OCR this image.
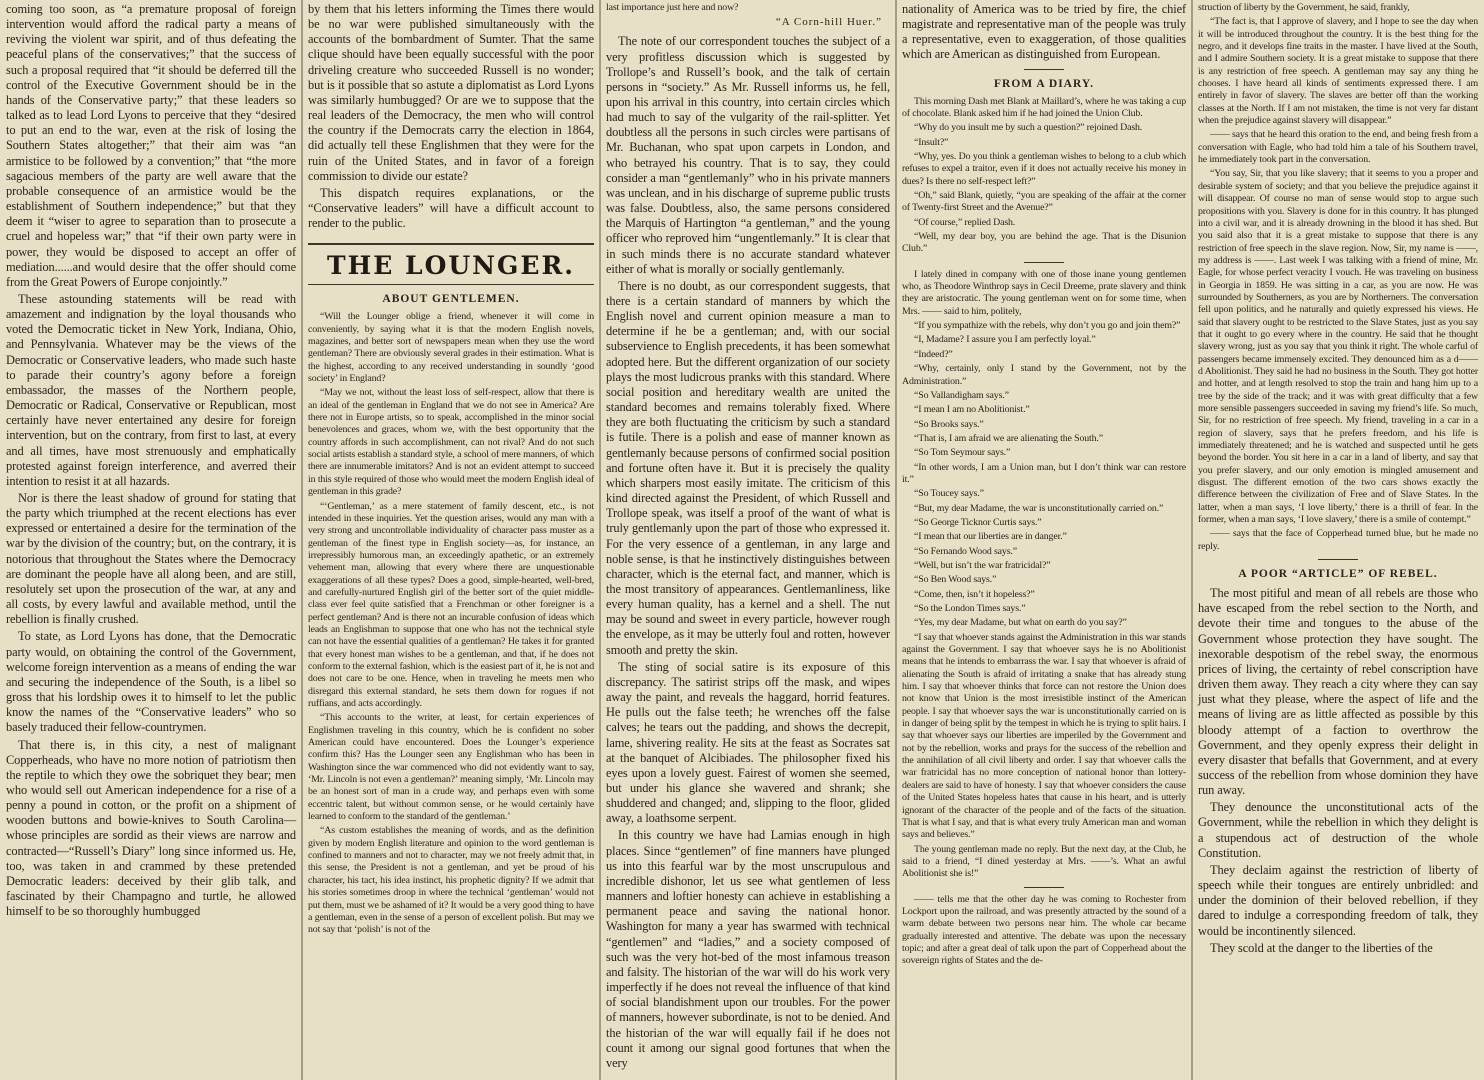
coming too soon, as “a premature proposal of foreign intervention would afford the radical party a means of reviving the violent war spirit, and of thus defeating the peaceful plans of the conservatives;” that the success of such a proposal required that “it should be deferred till the control of the Executive Government should be in the hands of the Conservative party;” that these leaders so talked as to lead Lord Lyons to perceive that they “desired to put an end to the war, even at the risk of losing the Southern States altogether;” that their aim was “an armistice to be followed by a convention;” that “the more sagacious members of the party are well aware that the probable consequence of an armistice would be the establishment of Southern independence;” but that they deem it “wiser to agree to separation than to prosecute a cruel and hopeless war;” that “if their own party were in power, they would be disposed to accept an offer of mediation......and would desire that the offer should come from the Great Powers of Europe conjointly.”

These astounding statements will be read with amazement and indignation by the loyal thousands who voted the Democratic ticket in New York, Indiana, Ohio, and Pennsylvania. Whatever may be the views of the Democratic or Conservative leaders, who made such haste to parade their country’s agony before a foreign embassador, the masses of the Northern people, Democratic or Radical, Conservative or Republican, most certainly have never entertained any desire for foreign intervention, but on the contrary, from first to last, at every and all times, have most strenuously and emphatically protested against foreign interference, and averred their intention to resist it at all hazards.

Nor is there the least shadow of ground for stating that the party which triumphed at the recent elections has ever expressed or entertained a desire for the termination of the war by the division of the country; but, on the contrary, it is notorious that throughout the States where the Democracy are dominant the people have all along been, and are still, resolutely set upon the prosecution of the war, at any and all costs, by every lawful and available method, until the rebellion is finally crushed.

To state, as Lord Lyons has done, that the Democratic party would, on obtaining the control of the Government, welcome foreign intervention as a means of ending the war and securing the independence of the South, is a libel so gross that his lordship owes it to himself to let the public know the names of the “Conservative leaders” who so basely traduced their fellow-countrymen.

That there is, in this city, a nest of malignant Copperheads, who have no more notion of patriotism then the reptile to which they owe the sobriquet they bear; men who would sell out American independence for a rise of a penny a pound in cotton, or the profit on a shipment of wooden buttons and bowie-knives to South Carolina—whose principles are sordid as their views are narrow and contracted—“Russell’s Diary” long since informed us. He, too, was taken in and crammed by these pretended Democratic leaders: deceived by their glib talk, and fascinated by their Champagno and turtle, he allowed himself to be so thoroughly humbugged

by them that his letters informing the Times there would be no war were published simultaneously with the accounts of the bombardment of Sumter. That the same clique should have been equally successful with the poor driveling creature who succeeded Russell is no wonder; but is it possible that so astute a diplomatist as Lord Lyons was similarly humbugged? Or are we to suppose that the real leaders of the Democracy, the men who will control the country if the Democrats carry the election in 1864, did actually tell these Englishmen that they were for the ruin of the United States, and in favor of a foreign commission to divide our estate?

This dispatch requires explanations, or the “Conservative leaders” will have a difficult account to render to the public.

THE LOUNGER.
ABOUT GENTLEMEN.

“Will the Lounger oblige a friend, whenever it will come in conveniently, by saying what it is that the modern English novels, magazines, and better sort of newspapers mean when they use the word gentleman? There are obviously several grades in their estimation. What is the highest, according to any received understanding in soundly ‘good society’ in England?

“May we not, without the least loss of self-respect, allow that there is an ideal of the gentleman in England that we do not see in America? Are there not in Europe artists, so to speak, accomplished in the minor social benevolences and graces, whom we, with the best opportunity that the country affords in such accomplishment, can not rival? And do not such social artists establish a standard style, a school of mere manners, of which there are innumerable imitators? And is not an evident attempt to succeed in this style required of those who would meet the modern English ideal of gentleman in this grade?

“‘Gentleman,’ as a mere statement of family descent, etc., is not intended in these inquiries. Yet the question arises, would any man with a very strong and uncontrollable individuality of character pass muster as a gentleman of the finest type in English society—as, for instance, an irrepressibly humorous man, an exceedingly apathetic, or an extremely vehement man, allowing that every where there are unquestionable exaggerations of all these types? Does a good, simple-hearted, well-bred, and carefully-nurtured English girl of the better sort of the quiet middle-class ever feel quite satisfied that a Frenchman or other foreigner is a perfect gentleman? And is there not an incurable confusion of ideas which leads an Englishman to suppose that one who has not the technical style can not have the essential qualities of a gentleman? He takes it for granted that every honest man wishes to be a gentleman, and that, if he does not conform to the external fashion, which is the easiest part of it, he is not and does not care to be one. Hence, when in traveling he meets men who disregard this external standard, he sets them down for rogues if not ruffians, and acts accordingly.

“This accounts to the writer, at least, for certain experiences of Englishmen traveling in this country, which he is confident no sober American could have encountered. Does the Lounger’s experience confirm this? Has the Lounger seen any Englishman who has been in Washington since the war commenced who did not evidently want to say, ‘Mr. Lincoln is not even a gentleman?’ meaning simply, ‘Mr. Lincoln may be an honest sort of man in a crude way, and perhaps even with some eccentric talent, but without common sense, or he would certainly have learned to conform to the standard of the gentleman.’

“As custom establishes the meaning of words, and as the definition given by modern English literature and opinion to the word gentleman is confined to manners and not to character, may we not freely admit that, in this sense, the President is not a gentleman, and yet be proud of his character, his tact, his idea instinct, his prophetic dignity? If we admit that his stories sometimes droop in where the technical ‘gentleman’ would not put them, must we be ashamed of it? It would be a very good thing to have a gentleman, even in the sense of a person of excellent polish. But may we not say that ‘polish’ is not of the

last importance just here and now?

“A Corn-hill Huer.”

The note of our correspondent touches the subject of a very profitless discussion which is suggested by Trollope’s and Russell’s book, and the talk of certain persons in “society.” As Mr. Russell informs us, he fell, upon his arrival in this country, into certain circles which had much to say of the vulgarity of the rail-splitter. Yet doubtless all the persons in such circles were partisans of Mr. Buchanan, who spat upon carpets in London, and who betrayed his country. That is to say, they could consider a man “gentlemanly” who in his private manners was unclean, and in his discharge of supreme public trusts was false. Doubtless, also, the same persons considered the Marquis of Hartington “a gentleman,” and the young officer who reproved him “ungentlemanly.” It is clear that in such minds there is no accurate standard whatever either of what is morally or socially gentlemanly.

There is no doubt, as our correspondent suggests, that there is a certain standard of manners by which the English novel and current opinion measure a man to determine if he be a gentleman; and, with our social subservience to English precedents, it has been somewhat adopted here. But the different organization of our society plays the most ludicrous pranks with this standard. Where social position and hereditary wealth are united the standard becomes and remains tolerably fixed. Where they are both fluctuating the criticism by such a standard is futile. There is a polish and ease of manner known as gentlemanly because persons of confirmed social position and fortune often have it. But it is precisely the quality which sharpers most easily imitate. The criticism of this kind directed against the President, of which Russell and Trollope speak, was itself a proof of the want of what is truly gentlemanly upon the part of those who expressed it. For the very essence of a gentleman, in any large and noble sense, is that he instinctively distinguishes between character, which is the eternal fact, and manner, which is the most transitory of appearances. Gentlemanliness, like every human quality, has a kernel and a shell. The nut may be sound and sweet in every particle, however rough the envelope, as it may be utterly foul and rotten, however smooth and pretty the skin.

The sting of social satire is its exposure of this discrepancy. The satirist strips off the mask, and wipes away the paint, and reveals the haggard, horrid features. He pulls out the false teeth; he wrenches off the false calves; he tears out the padding, and shows the decrepit, lame, shivering reality. He sits at the feast as Socrates sat at the banquet of Alcibiades. The philosopher fixed his eyes upon a lovely guest. Fairest of women she seemed, but under his glance she wavered and shrank; she shuddered and changed; and, slipping to the floor, glided away, a loathsome serpent.

In this country we have had Lamias enough in high places. Since “gentlemen” of fine manners have plunged us into this fearful war by the most unscrupulous and incredible dishonor, let us see what gentlemen of less manners and loftier honesty can achieve in establishing a permanent peace and saving the national honor. Washington for many a year has swarmed with technical “gentlemen” and “ladies,” and a society composed of such was the very hot-bed of the most infamous treason and falsity. The historian of the war will do his work very imperfectly if he does not reveal the influence of that kind of social blandishment upon our troubles. For the power of manners, however subordinate, is not to be denied. And the historian of the war will equally fail if he does not count it among our signal good fortunes that when the very

nationality of America was to be tried by fire, the chief magistrate and representative man of the people was truly a representative, even to exaggeration, of those qualities which are American as distinguished from European.

FROM A DIARY.

This morning Dash met Blank at Maillard’s, where he was taking a cup of chocolate. Blank asked him if he had joined the Union Club.

“Why do you insult me by such a question?” rejoined Dash.

“Insult?”

“Why, yes. Do you think a gentleman wishes to belong to a club which refuses to expel a traitor, even if it does not actually receive his money in dues? Is there no self-respect left?”

“Oh,” said Blank, quietly, “you are speaking of the affair at the corner of Twenty-first Street and the Avenue?”

“Of course,” replied Dash.

“Well, my dear boy, you are behind the age. That is the Disunion Club.”

I lately dined in company with one of those inane young gentlemen who, as Theodore Winthrop says in Cecil Dreeme, prate slavery and think they are aristocratic. The young gentleman went on for some time, when Mrs. —— said to him, politely,

“If you sympathize with the rebels, why don’t you go and join them?”

“I, Madame? I assure you I am perfectly loyal.”

“Indeed?”

“Why, certainly, only I stand by the Government, not by the Administration.”

“So Vallandigham says.”

“I mean I am no Abolitionist.”

“So Brooks says.”

“That is, I am afraid we are alienating the South.”

“So Tom Seymour says.”

“In other words, I am a Union man, but I don’t think war can restore it.”

“So Toucey says.”

“But, my dear Madame, the war is unconstitutionally carried on.”

“So George Ticknor Curtis says.”

“I mean that our liberties are in danger.”

“So Fernando Wood says.”

“Well, but isn’t the war fratricidal?”

“So Ben Wood says.”

“Come, then, isn’t it hopeless?”

“So the London Times says.”

“Yes, my dear Madame, but what on earth do you say?”

“I say that whoever stands against the Administration in this war stands against the Government. I say that whoever says he is no Abolitionist means that he intends to embarrass the war. I say that whoever is afraid of alienating the South is afraid of irritating a snake that has already stung him. I say that whoever thinks that force can not restore the Union does not know that Union is the most irresistible instinct of the American people. I say that whoever says the war is unconstitutionally carried on is in danger of being split by the tempest in which he is trying to split hairs. I say that whoever says our liberties are imperiled by the Government and not by the rebellion, works and prays for the success of the rebellion and the annihilation of all civil liberty and order. I say that whoever calls the war fratricidal has no more conception of national honor than lottery-dealers are said to have of honesty. I say that whoever considers the cause of the United States hopeless hates that cause in his heart, and is utterly ignorant of the character of the people and of the facts of the situation. That is what I say, and that is what every truly American man and woman says and believes.”

The young gentleman made no reply. But the next day, at the Club, he said to a friend, “I dined yesterday at Mrs. ——’s. What an awful Abolitionist she is!”

—— tells me that the other day he was coming to Rochester from Lockport upon the railroad, and was presently attracted by the sound of a warm debate between two persons near him. The whole car became gradually interested and attentive. The debate was upon the necessary topic; and after a great deal of talk upon the part of Copperhead about the sovereign rights of States and the de-

struction of liberty by the Government, he said, frankly,

“The fact is, that I approve of slavery, and I hope to see the day when it will be introduced throughout the country. It is the best thing for the negro, and it develops fine traits in the master. I have lived at the South, and I admire Southern society. It is a great mistake to suppose that there is any restriction of free speech. A gentleman may say any thing he chooses. I have heard all kinds of sentiments expressed there. I am entirely in favor of slavery. The slaves are better off than the working classes at the North. If I am not mistaken, the time is not very far distant when the prejudice against slavery will disappear.”

—— says that he heard this oration to the end, and being fresh from a conversation with Eagle, who had told him a tale of his Southern travel, he immediately took part in the conversation.

“You say, Sir, that you like slavery; that it seems to you a proper and desirable system of society; and that you believe the prejudice against it will disappear. Of course no man of sense would stop to argue such propositions with you. Slavery is done for in this country. It has plunged into a civil war, and it is already drowning in the blood it has shed. But you said also that it is a great mistake to suppose that there is any restriction of free speech in the slave region. Now, Sir, my name is ——, my address is ——. Last week I was talking with a friend of mine, Mr. Eagle, for whose perfect veracity I vouch. He was traveling on business in Georgia in 1859. He was sitting in a car, as you are now. He was surrounded by Southerners, as you are by Northerners. The conversation fell upon politics, and he naturally and quietly expressed his views. He said that slavery ought to be restricted to the Slave States, just as you say that it ought to go every where in the country. He said that he thought slavery wrong, just as you say that you think it right. The whole carful of passengers became immensely excited. They denounced him as a d——d Abolitionist. They said he had no business in the South. They got hotter and hotter, and at length resolved to stop the train and hang him up to a tree by the side of the track; and it was with great difficulty that a few more sensible passengers succeeded in saving my friend’s life. So much, Sir, for no restriction of free speech. My friend, traveling in a car in a region of slavery, says that he prefers freedom, and his life is immediately threatened; and he is watched and suspected until he gets beyond the border. You sit here in a car in a land of liberty, and say that you prefer slavery, and our only emotion is mingled amusement and disgust. The different emotion of the two cars shows exactly the difference between the civilization of Free and of Slave States. In the latter, when a man says, ‘I love liberty,’ there is a thrill of fear. In the former, when a man says, ‘I love slavery,’ there is a smile of contempt.”

—— says that the face of Copperhead turned blue, but he made no reply.

A POOR “ARTICLE” OF REBEL.

The most pitiful and mean of all rebels are those who have escaped from the rebel section to the North, and devote their time and tongues to the abuse of the Government whose protection they have sought. The inexorable despotism of the rebel sway, the enormous prices of living, the certainty of rebel conscription have driven them away. They reach a city where they can say just what they please, where the aspect of life and the means of living are as little affected as possible by this bloody attempt of a faction to overthrow the Government, and they openly express their delight in every disaster that befalls that Government, and at every success of the rebellion from whose dominion they have run away.

They denounce the unconstitutional acts of the Government, while the rebellion in which they delight is a stupendous act of destruction of the whole Constitution.

They declaim against the restriction of liberty of speech while their tongues are entirely unbridled: and under the dominion of their beloved rebellion, if they dared to indulge a corresponding freedom of talk, they would be incontinently silenced.

They scold at the danger to the liberties of the
